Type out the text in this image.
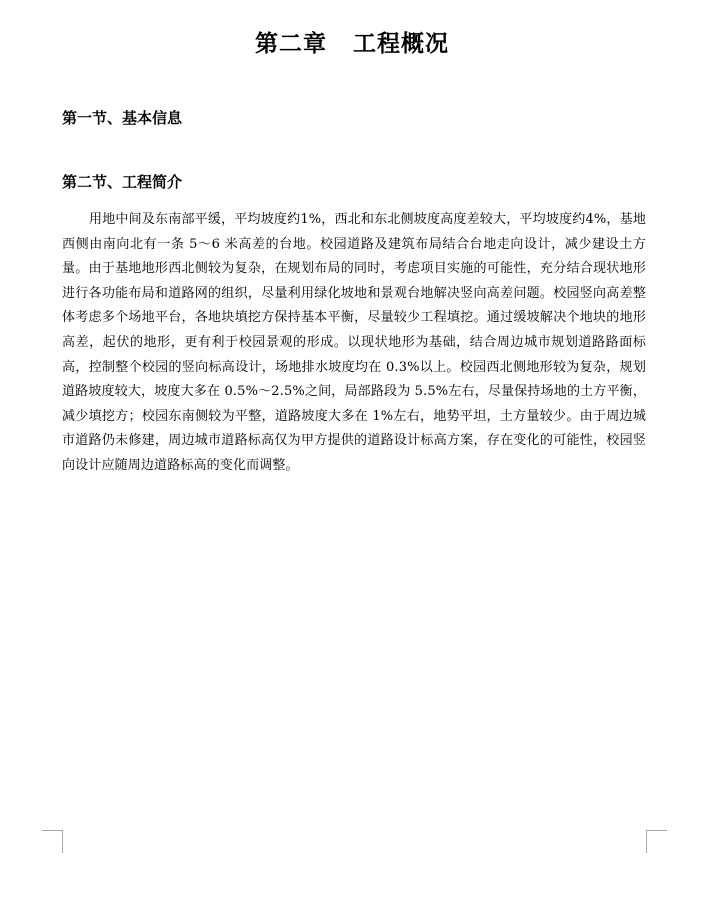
第二章 工程概况
第一节、基本信息
第二节、工程简介

用地中间及东南部平缓，平均坡度约1%，西北和东北侧坡度高度差较大，平均坡度约4%，基地西侧由南向北有一条 5～6 米高差的台地。校园道路及建筑布局结合台地走向设计，减少建设土方量。由于基地地形西北侧较为复杂，在规划布局的同时，考虑项目实施的可能性，充分结合现状地形进行各功能布局和道路网的组织，尽量利用绿化坡地和景观台地解决竖向高差问题。校园竖向高差整体考虑多个场地平台，各地块填挖方保持基本平衡，尽量较少工程填挖。通过缓坡解决个地块的地形高差，起伏的地形，更有利于校园景观的形成。以现状地形为基础，结合周边城市规划道路路面标高，控制整个校园的竖向标高设计，场地排水坡度均在 0.3%以上。校园西北侧地形较为复杂，规划道路坡度较大，坡度大多在 0.5%～2.5%之间，局部路段为 5.5%左右，尽量保持场地的土方平衡，减少填挖方；校园东南侧较为平整，道路坡度大多在 1%左右，地势平坦，土方量较少。由于周边城市道路仍未修建，周边城市道路标高仅为甲方提供的道路设计标高方案，存在变化的可能性，校园竖向设计应随周边道路标高的变化而调整。
